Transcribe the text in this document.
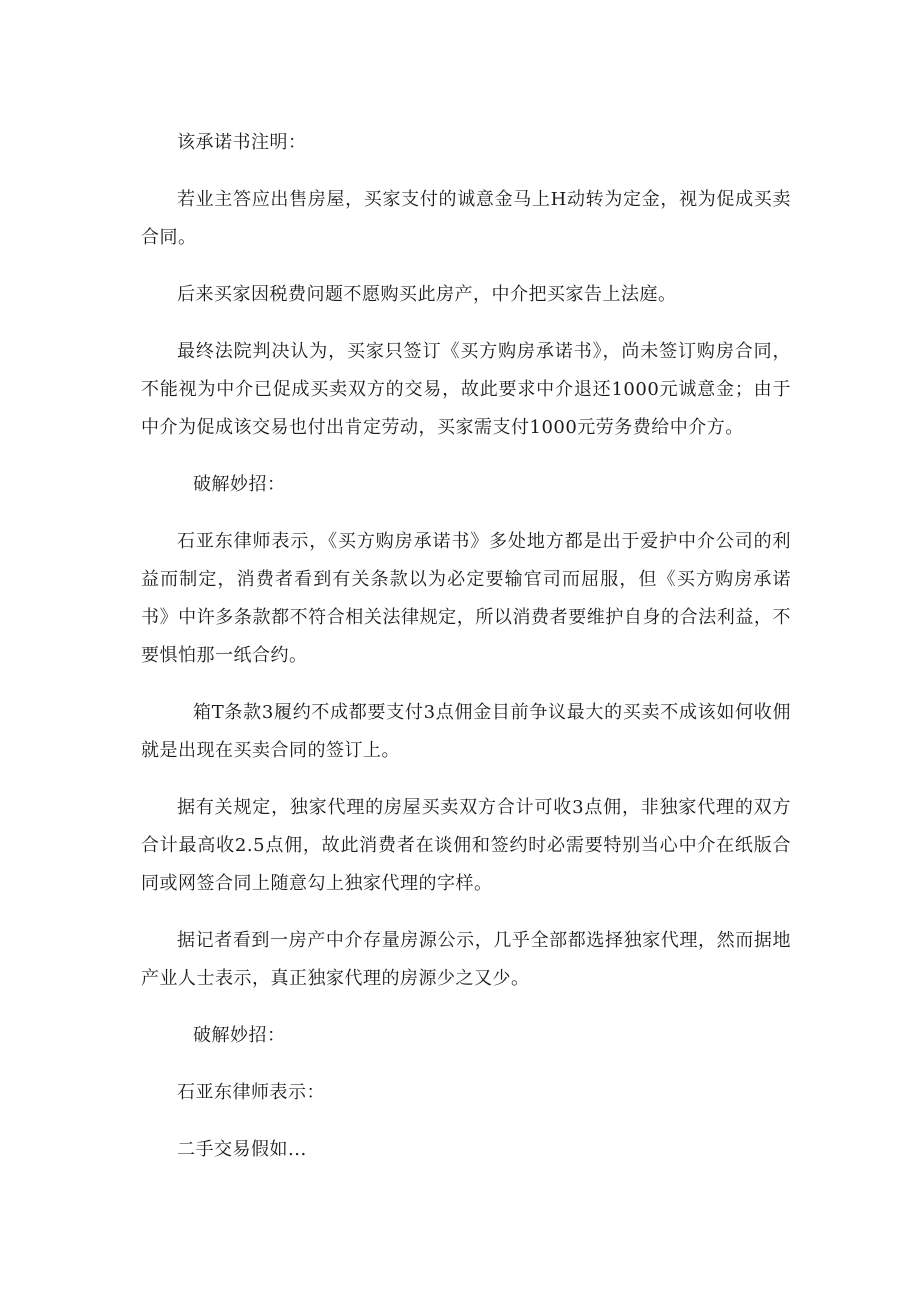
该承诺书注明：

若业主答应出售房屋，买家支付的诚意金马上H动转为定金，视为促成买卖合同。

后来买家因税费问题不愿购买此房产，中介把买家告上法庭。

最终法院判决认为，买家只签订《买方购房承诺书》，尚未签订购房合同，不能视为中介已促成买卖双方的交易，故此要求中介退还1000元诚意金；由于中介为促成该交易也付出肯定劳动，买家需支付1000元劳务费给中介方。

破解妙招：

石亚东律师表示，《买方购房承诺书》多处地方都是出于爱护中介公司的利益而制定，消费者看到有关条款以为必定要输官司而屈服，但《买方购房承诺书》中许多条款都不符合相关法律规定，所以消费者要维护自身的合法利益，不要惧怕那一纸合约。

箱T条款3履约不成都要支付3点佣金目前争议最大的买卖不成该如何收佣就是出现在买卖合同的签订上。

据有关规定，独家代理的房屋买卖双方合计可收3点佣，非独家代理的双方合计最高收2.5点佣，故此消费者在谈佣和签约时必需要特别当心中介在纸版合同或网签合同上随意勾上独家代理的字样。

据记者看到一房产中介存量房源公示，几乎全部都选择独家代理，然而据地产业人士表示，真正独家代理的房源少之又少。

破解妙招：

石亚东律师表示：

二手交易假如...
